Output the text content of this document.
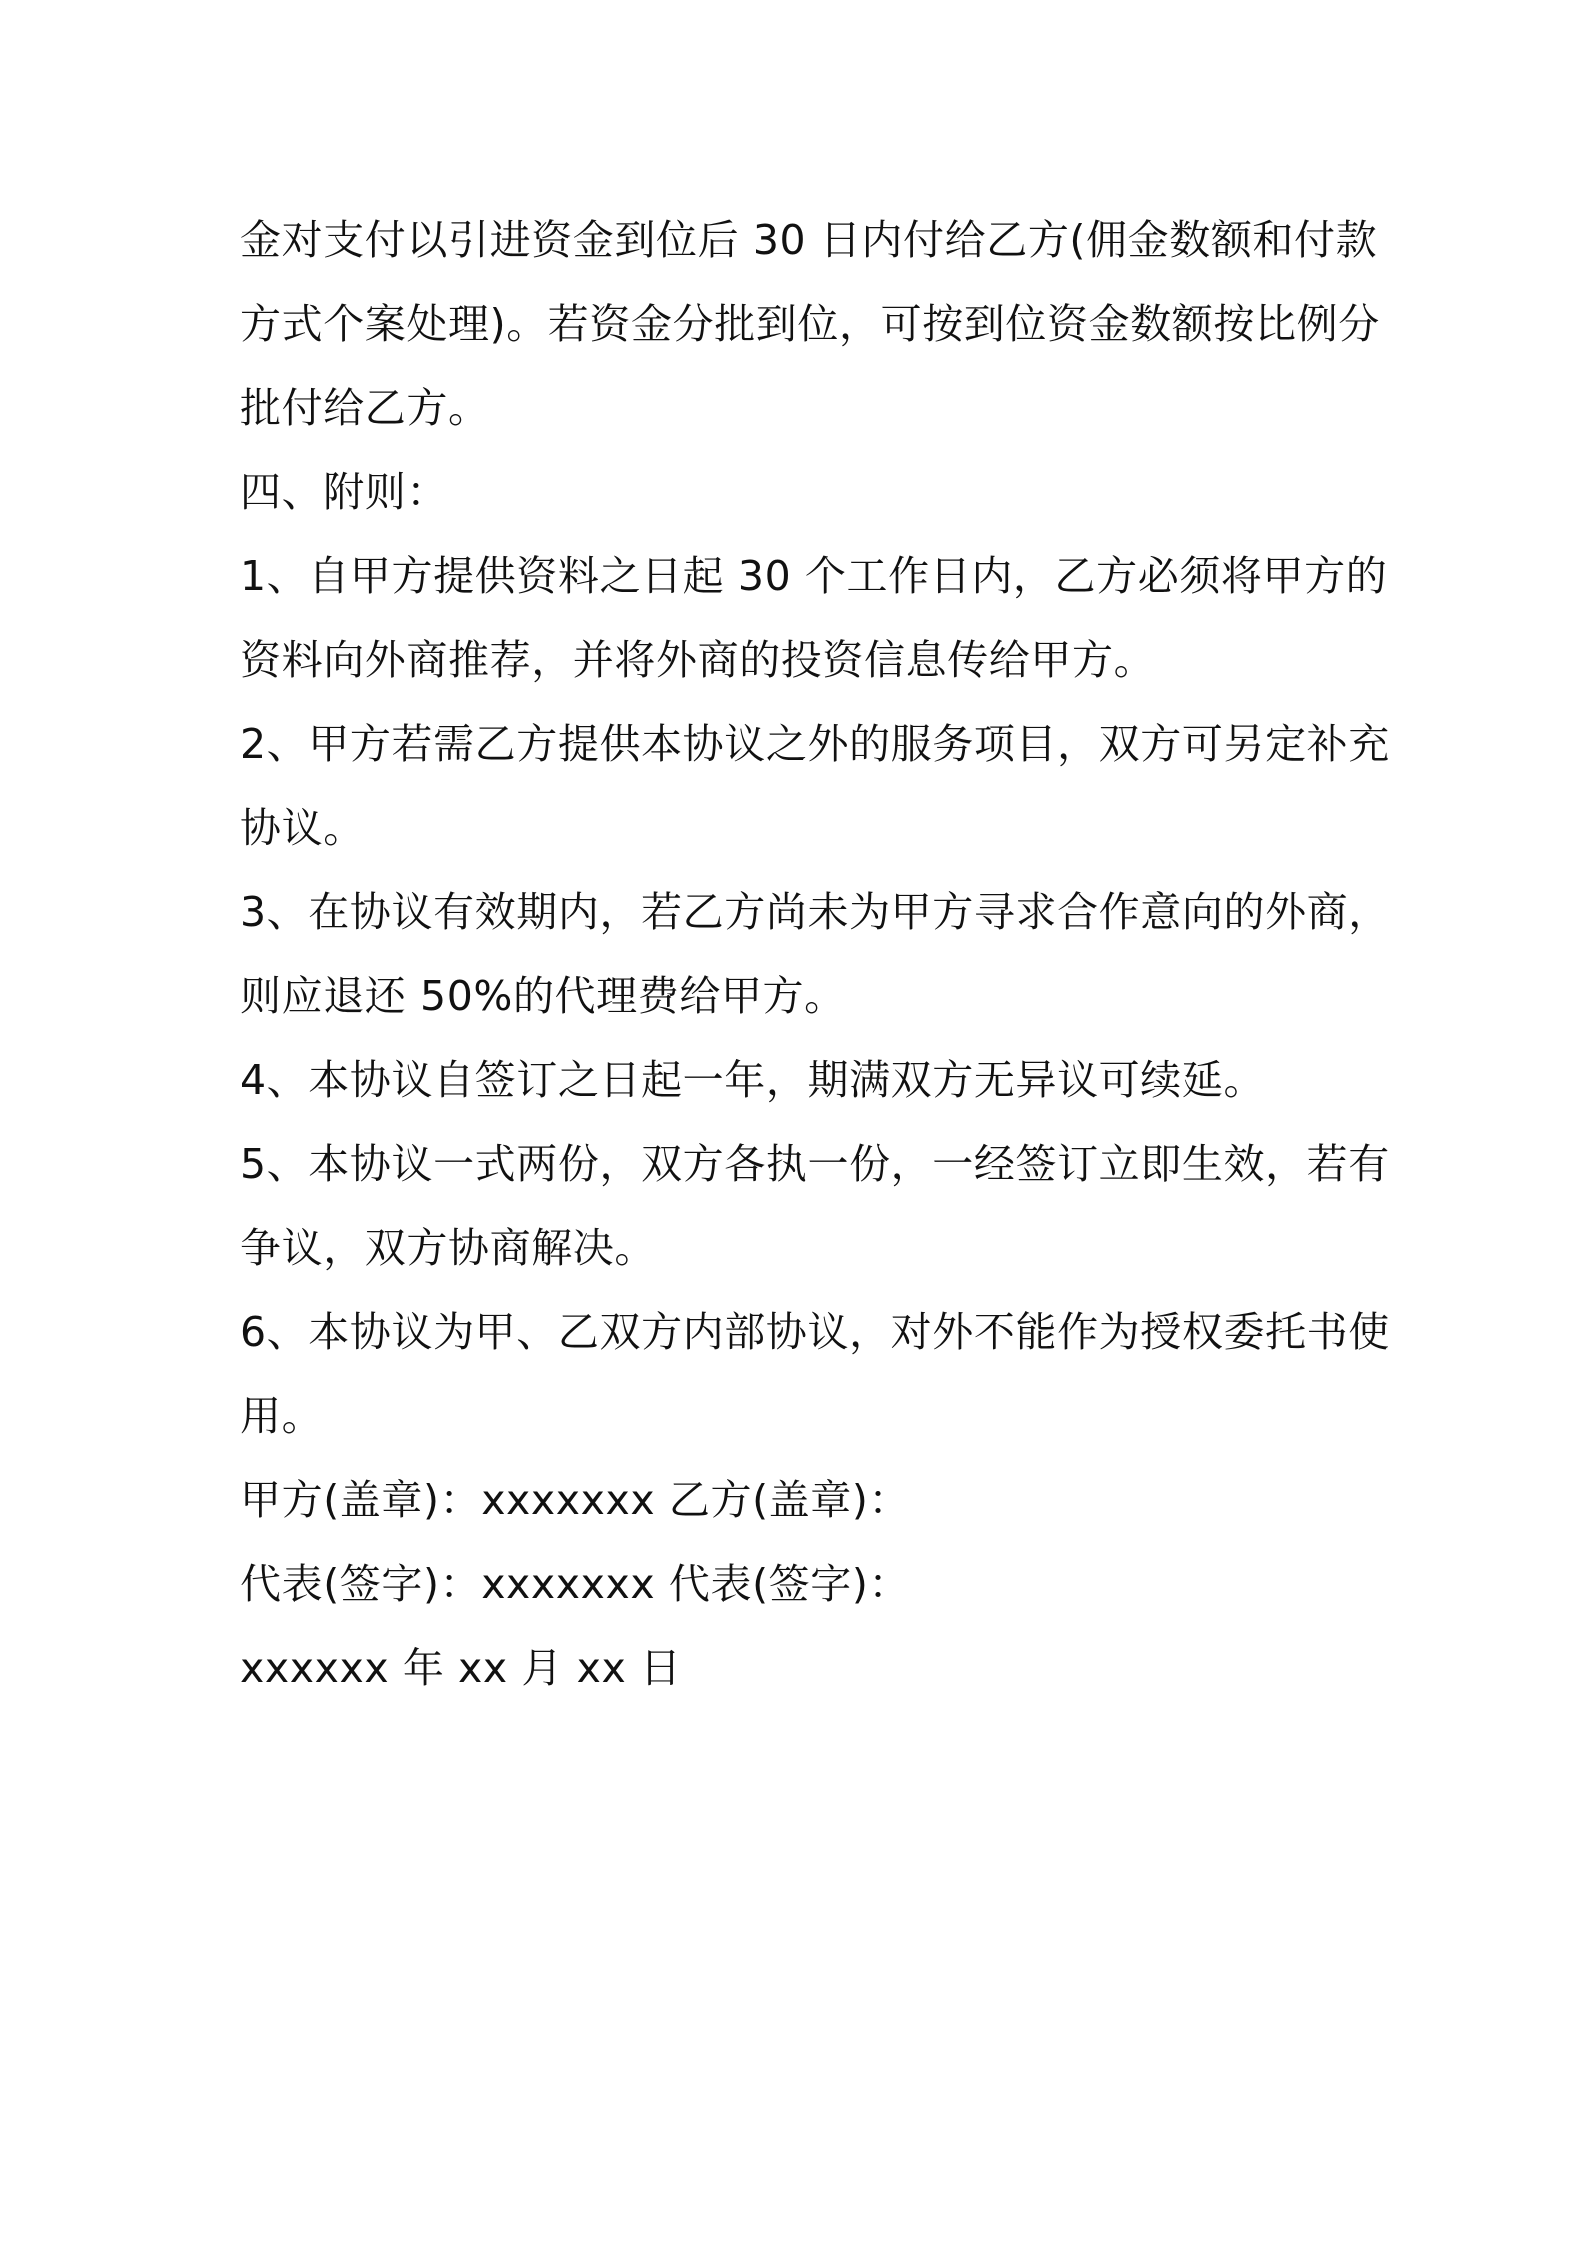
金对支付以引进资金到位后 30 日内付给乙方(佣金数额和付款
方式个案处理)。若资金分批到位，可按到位资金数额按比例分
批付给乙方。
四、附则：
1、自甲方提供资料之日起 30 个工作日内，乙方必须将甲方的
资料向外商推荐，并将外商的投资信息传给甲方。
2、甲方若需乙方提供本协议之外的服务项目，双方可另定补充
协议。
3、在协议有效期内，若乙方尚未为甲方寻求合作意向的外商，
则应退还 50%的代理费给甲方。
4、本协议自签订之日起一年，期满双方无异议可续延。
5、本协议一式两份，双方各执一份，一经签订立即生效，若有
争议，双方协商解决。
6、本协议为甲、乙双方内部协议，对外不能作为授权委托书使
用。
甲方(盖章)：xxxxxxx 乙方(盖章)：
代表(签字)：xxxxxxx 代表(签字)：
xxxxxx 年 xx 月 xx 日
